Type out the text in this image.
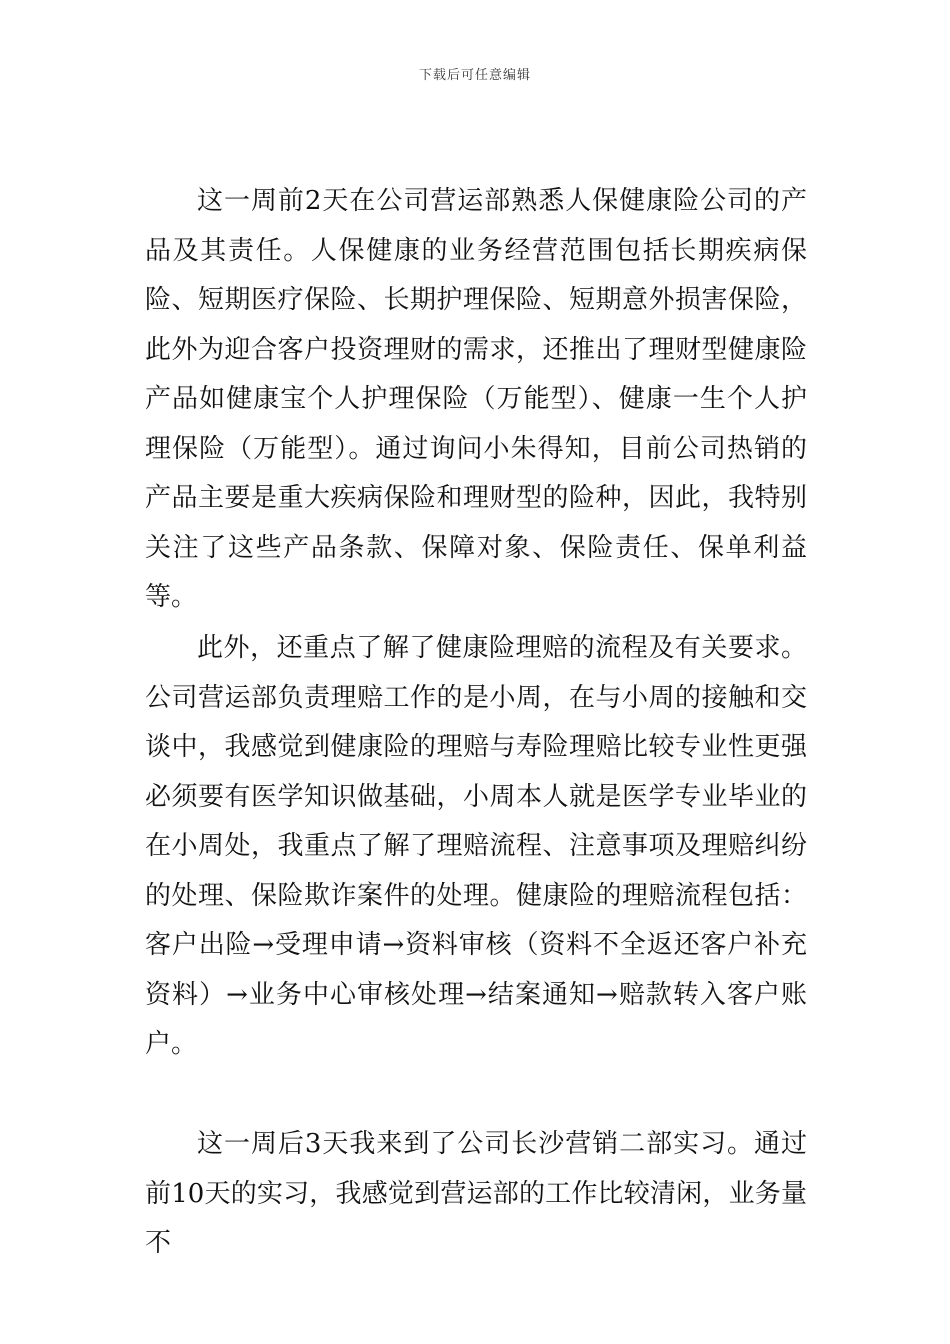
下载后可任意编辑

这一周前2天在公司营运部熟悉人保健康险公司的产品及其责任。人保健康的业务经营范围包括长期疾病保险、短期医疗保险、长期护理保险、短期意外损害保险，此外为迎合客户投资理财的需求，还推出了理财型健康险产品如健康宝个人护理保险（万能型）、健康一生个人护理保险（万能型）。通过询问小朱得知，目前公司热销的产品主要是重大疾病保险和理财型的险种，因此，我特别关注了这些产品条款、保障对象、保险责任、保单利益等。

此外，还重点了解了健康险理赔的流程及有关要求。公司营运部负责理赔工作的是小周，在与小周的接触和交谈中，我感觉到健康险的理赔与寿险理赔比较专业性更强必须要有医学知识做基础，小周本人就是医学专业毕业的在小周处，我重点了解了理赔流程、注意事项及理赔纠纷的处理、保险欺诈案件的处理。健康险的理赔流程包括：客户出险→受理申请→资料审核（资料不全返还客户补充资料）→业务中心审核处理→结案通知→赔款转入客户账户。

这一周后3天我来到了公司长沙营销二部实习。通过前10天的实习，我感觉到营运部的工作比较清闲，业务量不
